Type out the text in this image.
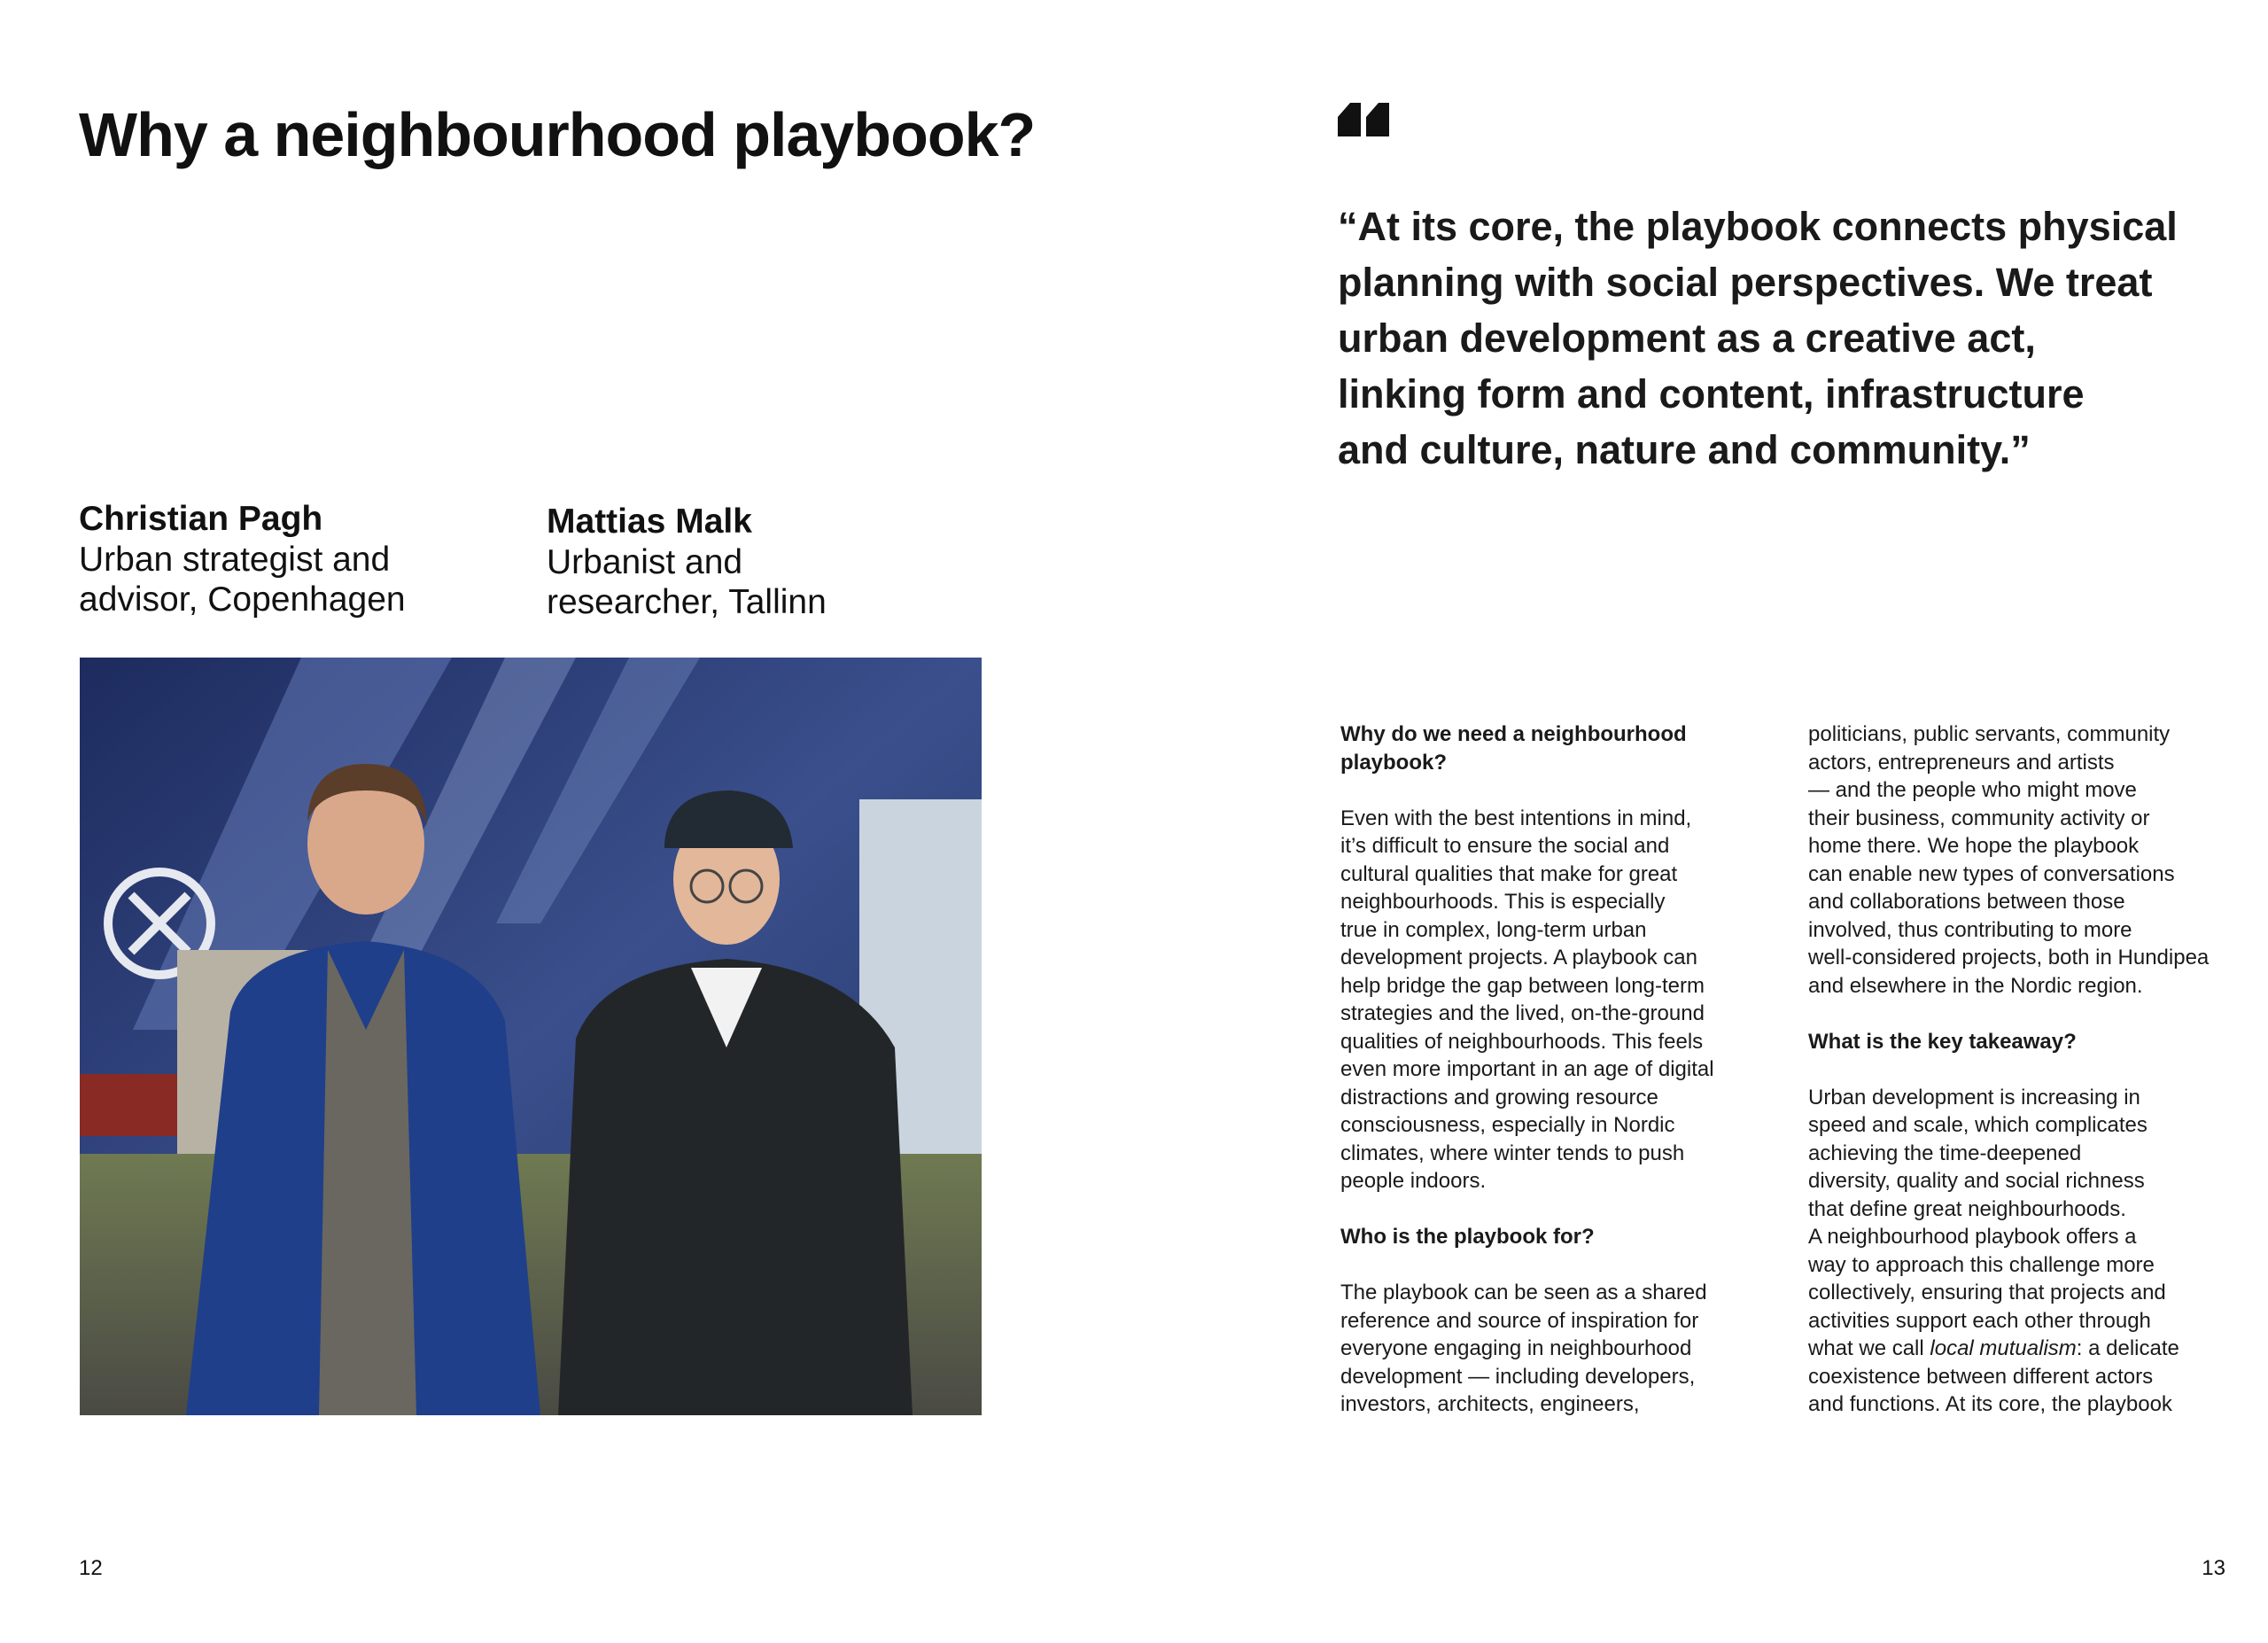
Why a neighbourhood playbook?
Christian Pagh
Urban strategist and
advisor, Copenhagen
Mattias Malk
Urbanist and
researcher, Tallinn
12
“At its core, the playbook connects physical
planning with social perspectives. We treat
urban development as a creative act,
linking form and content, infrastructure
and culture, nature and community.”
Why do we need a neighbourhood
playbook?
Even with the best intentions in mind,
it’s difficult to ensure the social and
cultural qualities that make for great
neighbourhoods. This is especially
true in complex, long-term urban
development projects. A playbook can
help bridge the gap between long-term
strategies and the lived, on-the-ground
qualities of neighbourhoods. This feels
even more important in an age of digital
distractions and growing resource
consciousness, especially in Nordic
climates, where winter tends to push
people indoors.
Who is the playbook for?
The playbook can be seen as a shared
reference and source of inspiration for
everyone engaging in neighbourhood
development — including developers,
investors, architects, engineers,
politicians, public servants, community
actors, entrepreneurs and artists
— and the people who might move
their business, community activity or
home there. We hope the playbook
can enable new types of conversations
and collaborations between those
involved, thus contributing to more
well-considered projects, both in Hundipea
and elsewhere in the Nordic region.
What is the key takeaway?
Urban development is increasing in
speed and scale, which complicates
achieving the time-deepened
diversity, quality and social richness
that define great neighbourhoods.
A neighbourhood playbook offers a
way to approach this challenge more
collectively, ensuring that projects and
activities support each other through
what we call local mutualism: a delicate
coexistence between different actors
and functions. At its core, the playbook
13
